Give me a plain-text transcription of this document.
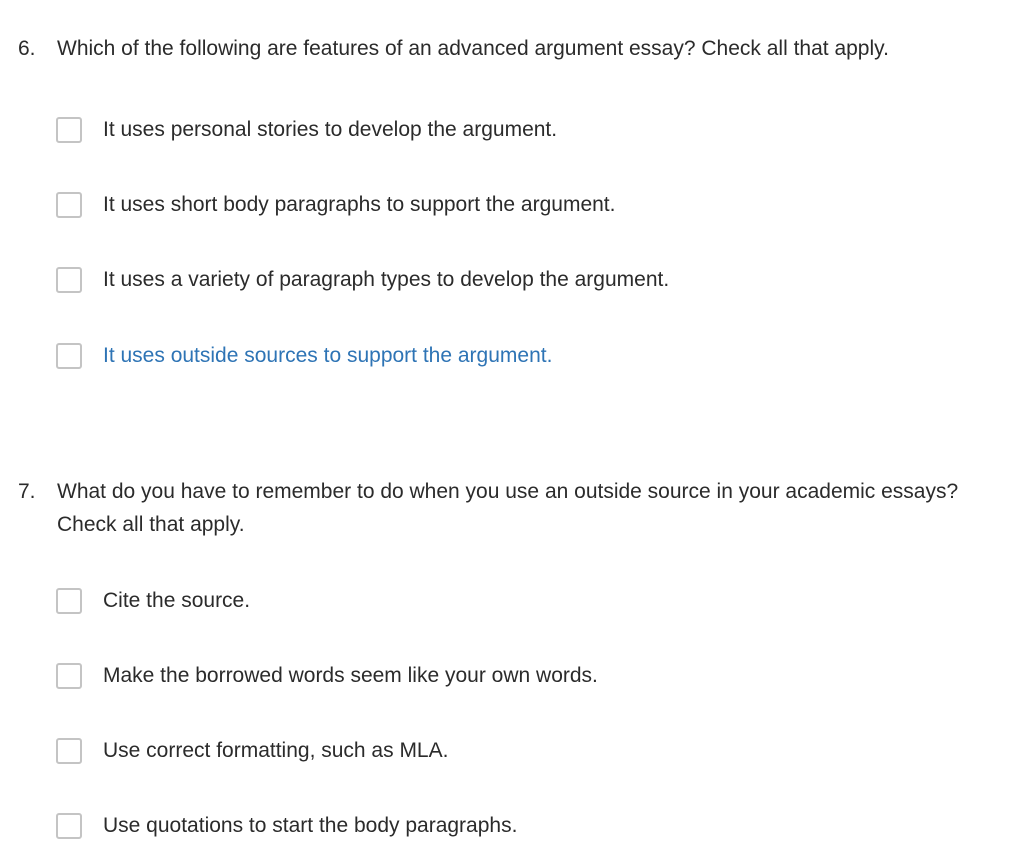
6. Which of the following are features of an advanced argument essay? Check all that apply.
It uses personal stories to develop the argument.
It uses short body paragraphs to support the argument.
It uses a variety of paragraph types to develop the argument.
It uses outside sources to support the argument.
7. What do you have to remember to do when you use an outside source in your academic essays? Check all that apply.
Cite the source.
Make the borrowed words seem like your own words.
Use correct formatting, such as MLA.
Use quotations to start the body paragraphs.
